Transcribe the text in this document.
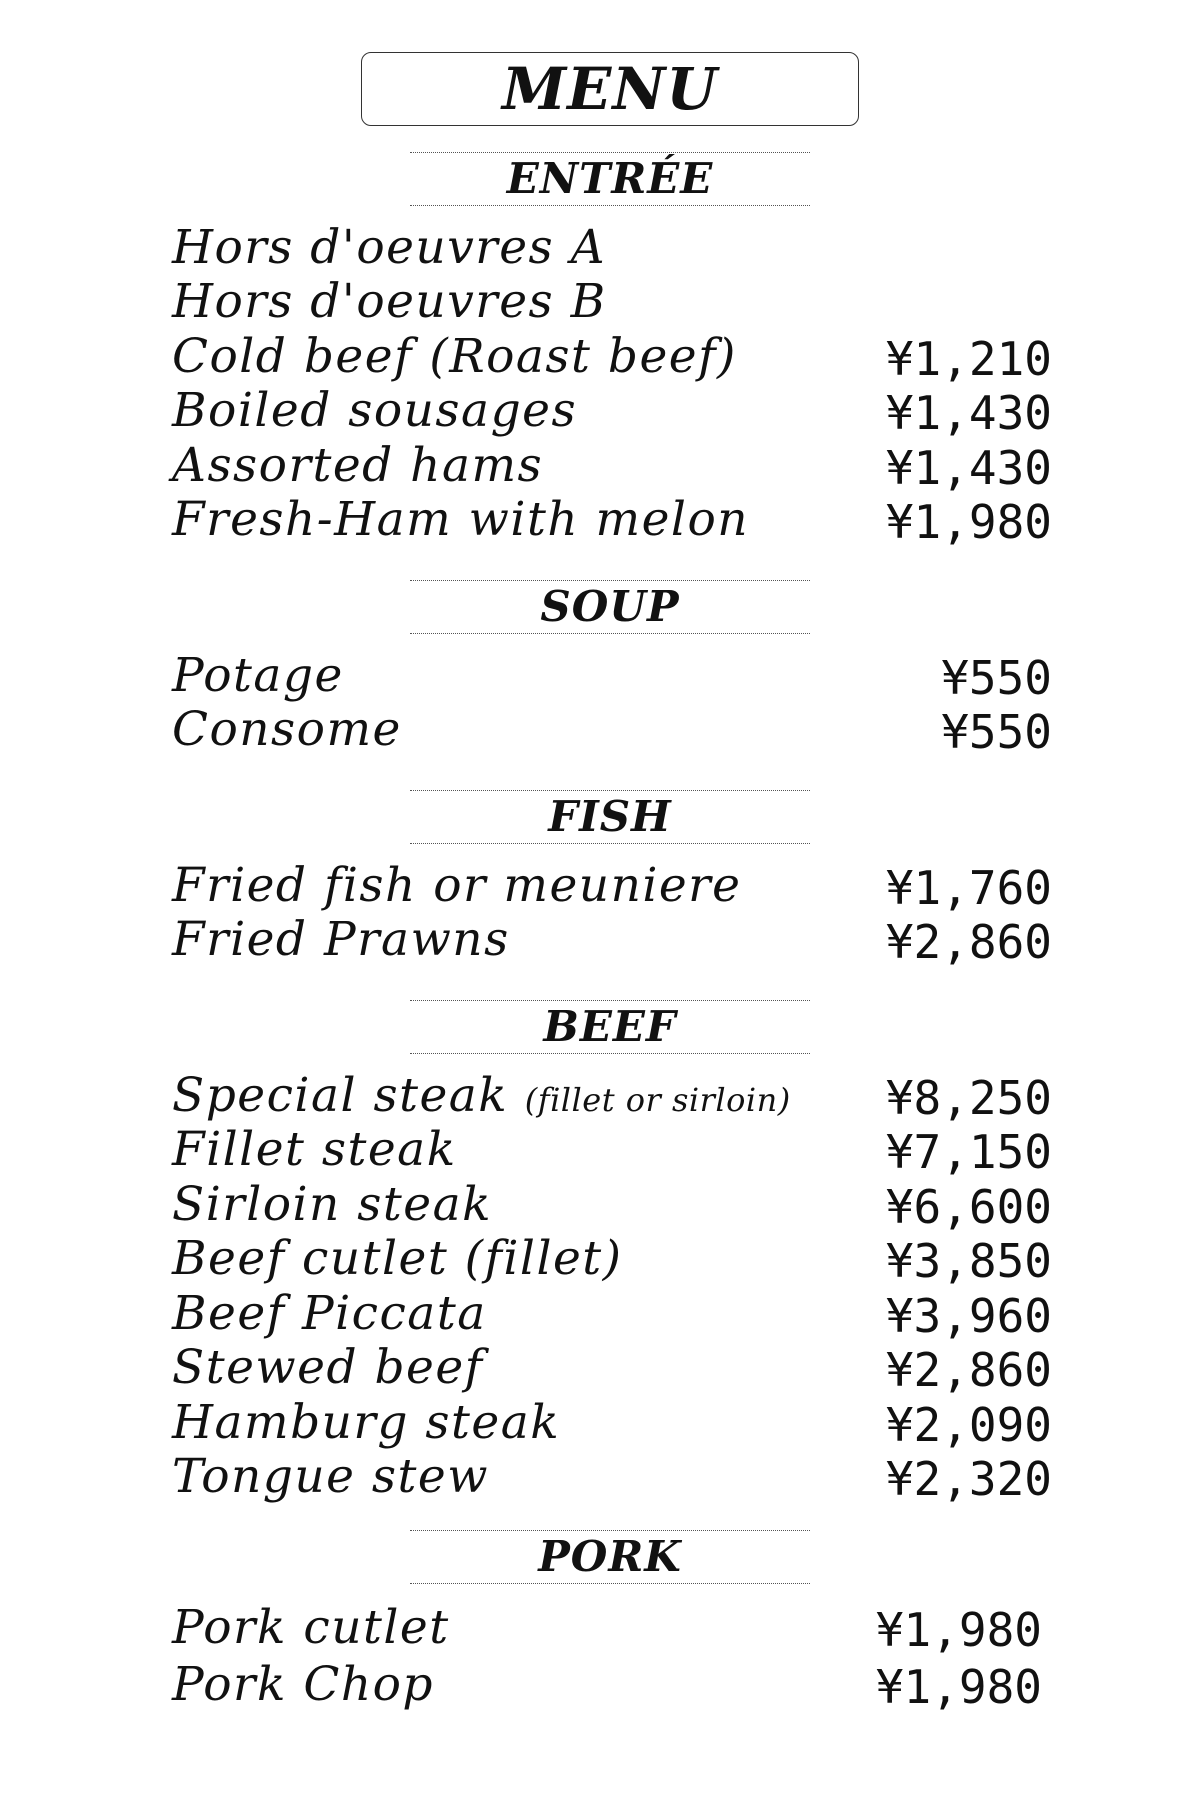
MENU
ENTRÉE
Hors d'oeuvres A
Hors d'oeuvres B
Cold beef (Roast beef)	¥1,210
Boiled sousages	¥1,430
Assorted hams	¥1,430
Fresh-Ham with melon	¥1,980
SOUP
Potage	¥550
Consome	¥550
FISH
Fried fish or meuniere	¥1,760
Fried Prawns	¥2,860
BEEF
Special steak (fillet or sirloin) ¥8,250
Fillet steak	¥7,150
Sirloin steak	¥6,600
Beef cutlet (fillet)	¥3,850
Beef Piccata	¥3,960
Stewed beef	¥2,860
Hamburg steak	¥2,090
Tongue stew	¥2,320
PORK
Pork cutlet	¥1,980
Pork Chop	¥1,980
